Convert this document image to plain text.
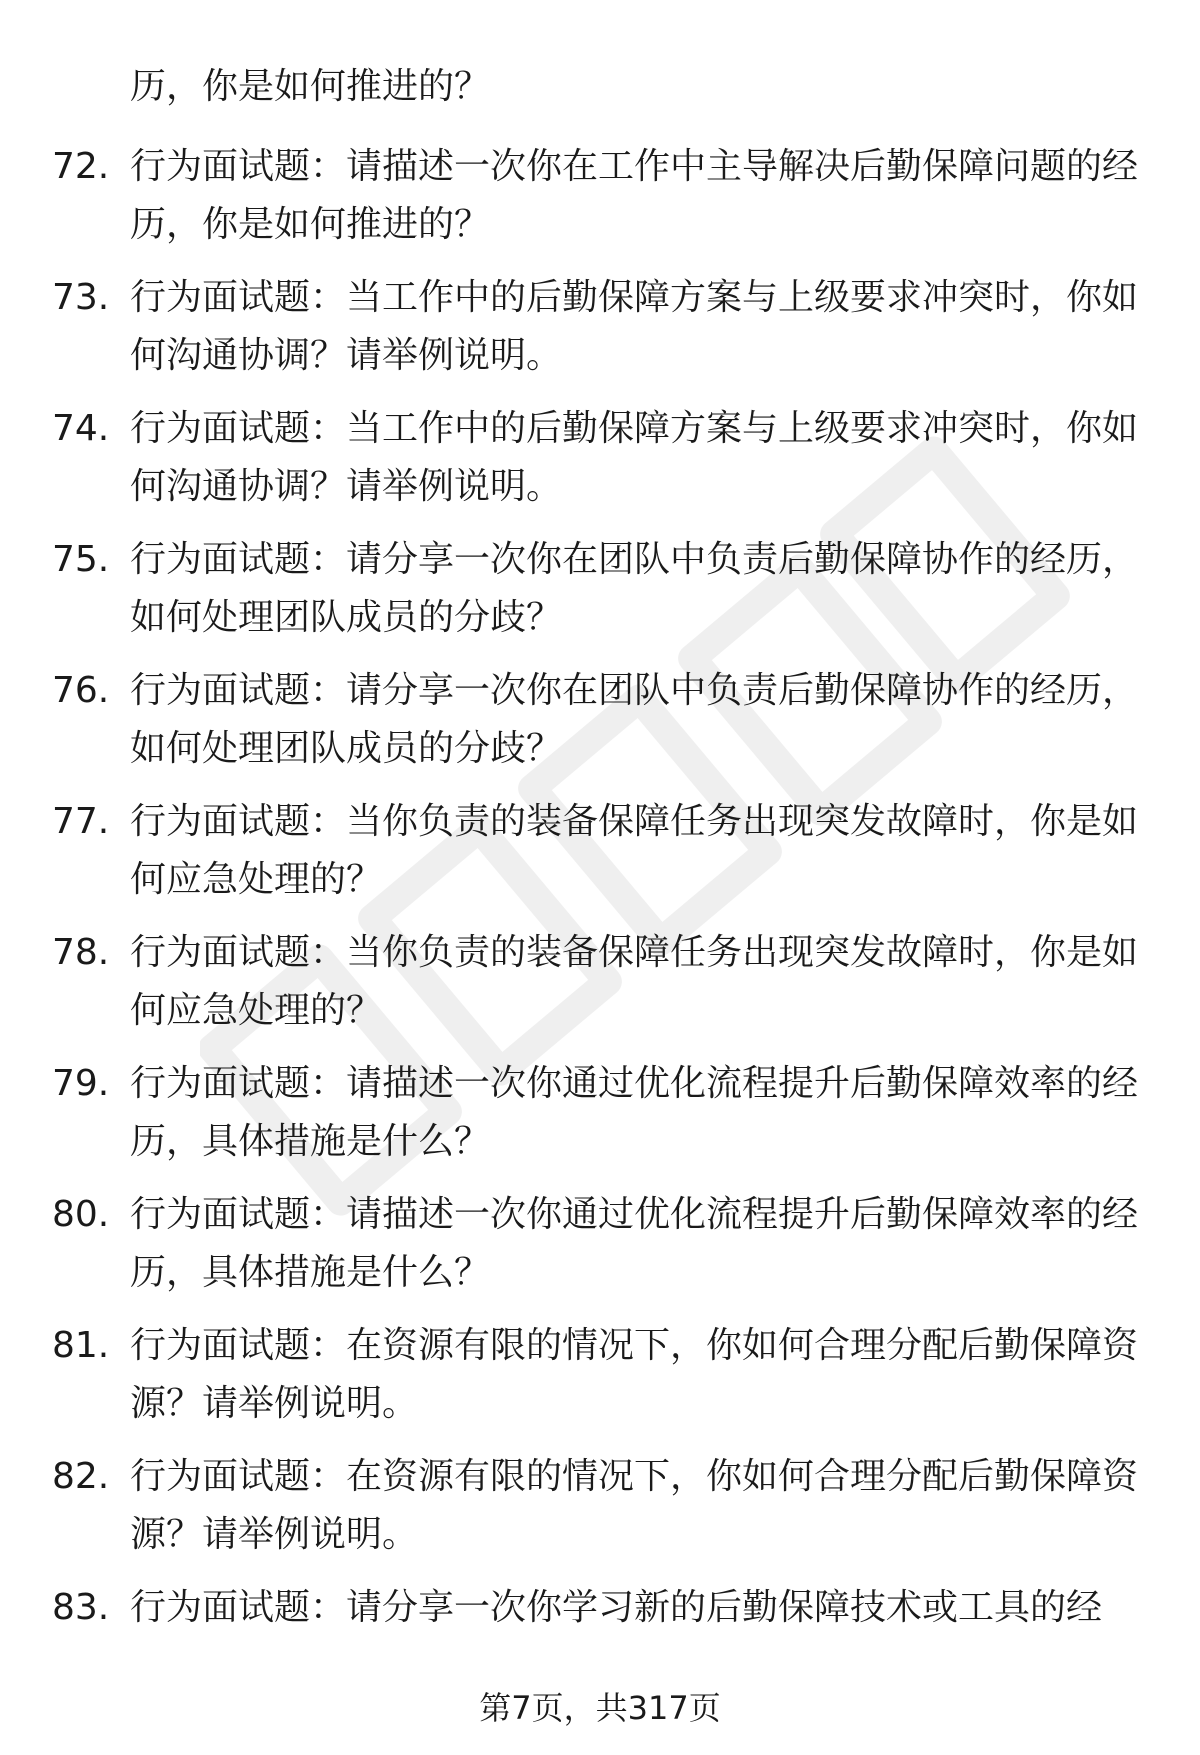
历，你是如何推进的？

72. 行为面试题：请描述一次你在工作中主导解决后勤保障问题的经
历，你是如何推进的？
73. 行为面试题：当工作中的后勤保障方案与上级要求冲突时，你如
何沟通协调？请举例说明。
74. 行为面试题：当工作中的后勤保障方案与上级要求冲突时，你如
何沟通协调？请举例说明。
75. 行为面试题：请分享一次你在团队中负责后勤保障协作的经历，
如何处理团队成员的分歧？
76. 行为面试题：请分享一次你在团队中负责后勤保障协作的经历，
如何处理团队成员的分歧？
77. 行为面试题：当你负责的装备保障任务出现突发故障时，你是如
何应急处理的？
78. 行为面试题：当你负责的装备保障任务出现突发故障时，你是如
何应急处理的？
79. 行为面试题：请描述一次你通过优化流程提升后勤保障效率的经
历，具体措施是什么？
80. 行为面试题：请描述一次你通过优化流程提升后勤保障效率的经
历，具体措施是什么？
81. 行为面试题：在资源有限的情况下，你如何合理分配后勤保障资
源？请举例说明。
82. 行为面试题：在资源有限的情况下，你如何合理分配后勤保障资
源？请举例说明。
83. 行为面试题：请分享一次你学习新的后勤保障技术或工具的经
第7页，共317页
